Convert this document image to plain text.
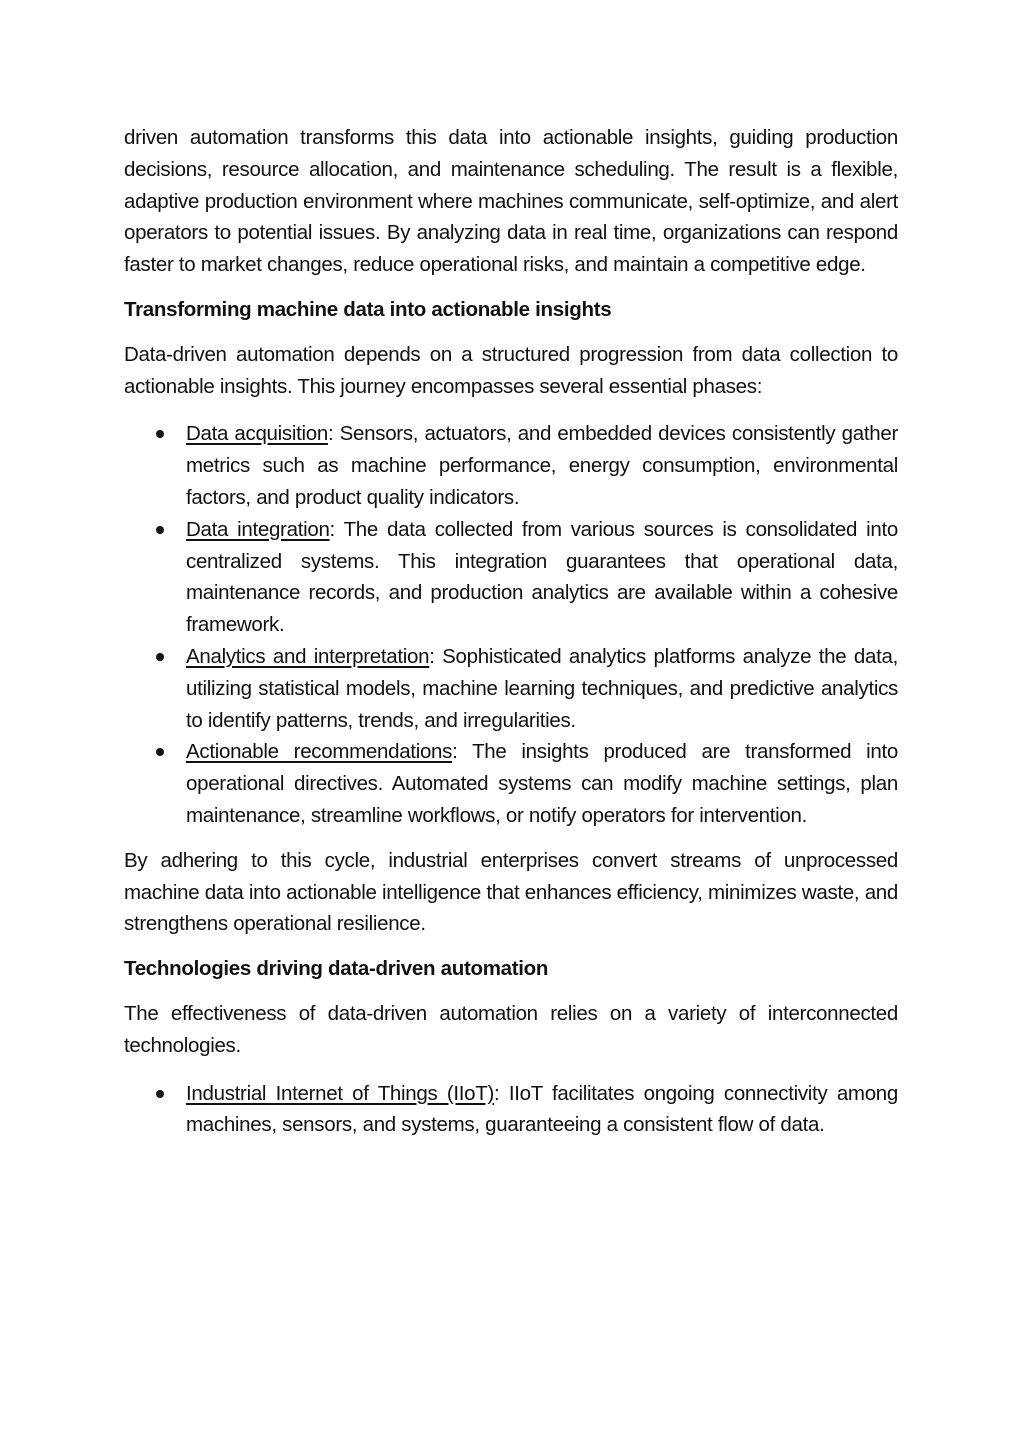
driven automation transforms this data into actionable insights, guiding production decisions, resource allocation, and maintenance scheduling. The result is a flexible, adaptive production environment where machines communicate, self-optimize, and alert operators to potential issues. By analyzing data in real time, organizations can respond faster to market changes, reduce operational risks, and maintain a competitive edge.

Transforming machine data into actionable insights

Data-driven automation depends on a structured progression from data collection to actionable insights. This journey encompasses several essential phases:

Data acquisition: Sensors, actuators, and embedded devices consistently gather metrics such as machine performance, energy consumption, environmental factors, and product quality indicators.
Data integration: The data collected from various sources is consolidated into centralized systems. This integration guarantees that operational data, maintenance records, and production analytics are available within a cohesive framework.
Analytics and interpretation: Sophisticated analytics platforms analyze the data, utilizing statistical models, machine learning techniques, and predictive analytics to identify patterns, trends, and irregularities.
Actionable recommendations: The insights produced are transformed into operational directives. Automated systems can modify machine settings, plan maintenance, streamline workflows, or notify operators for intervention.

By adhering to this cycle, industrial enterprises convert streams of unprocessed machine data into actionable intelligence that enhances efficiency, minimizes waste, and strengthens operational resilience.

Technologies driving data-driven automation

The effectiveness of data-driven automation relies on a variety of interconnected technologies.

Industrial Internet of Things (IIoT): IIoT facilitates ongoing connectivity among machines, sensors, and systems, guaranteeing a consistent flow of data.
